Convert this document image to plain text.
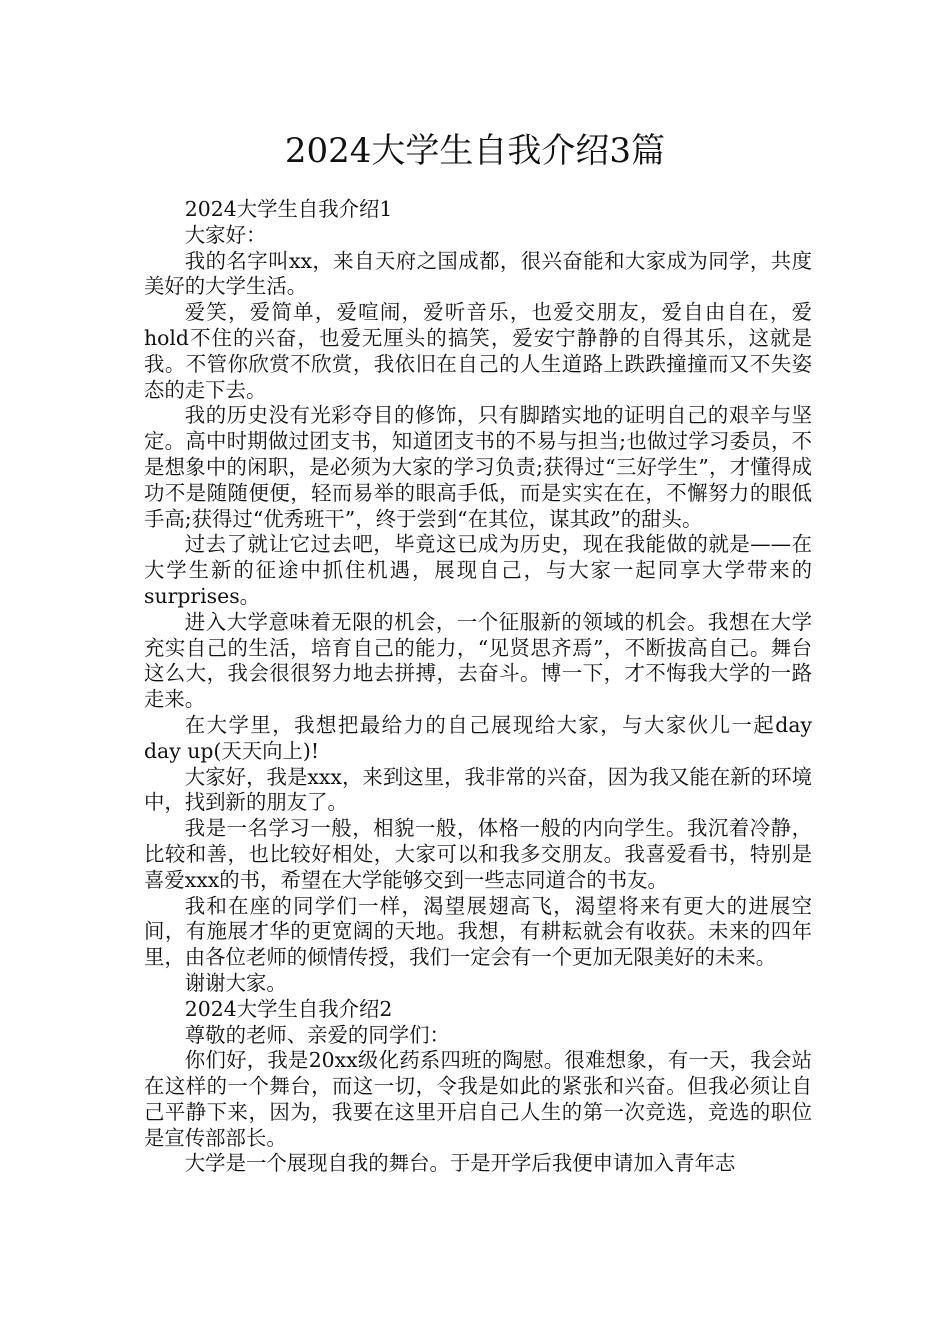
2024大学生自我介绍3篇

2024大学生自我介绍1

大家好：

我的名字叫xx，来自天府之国成都，很兴奋能和大家成为同学，共度美好的大学生活。

爱笑，爱简单，爱喧闹，爱听音乐，也爱交朋友，爱自由自在，爱hold不住的兴奋，也爱无厘头的搞笑，爱安宁静静的自得其乐，这就是我。不管你欣赏不欣赏，我依旧在自己的人生道路上跌跌撞撞而又不失姿态的走下去。

我的历史没有光彩夺目的修饰，只有脚踏实地的证明自己的艰辛与坚定。高中时期做过团支书，知道团支书的不易与担当;也做过学习委员，不是想象中的闲职，是必须为大家的学习负责;获得过“三好学生”，才懂得成功不是随随便便，轻而易举的眼高手低，而是实实在在，不懈努力的眼低手高;获得过“优秀班干”，终于尝到“在其位，谋其政”的甜头。

过去了就让它过去吧，毕竟这已成为历史，现在我能做的就是——在大学生新的征途中抓住机遇，展现自己，与大家一起同享大学带来的surprises。

进入大学意味着无限的机会，一个征服新的领域的机会。我想在大学充实自己的生活，培育自己的能力，“见贤思齐焉”，不断拔高自己。舞台这么大，我会很很努力地去拼搏，去奋斗。博一下，才不悔我大学的一路走来。

在大学里，我想把最给力的自己展现给大家，与大家伙儿一起day day up(天天向上)!

大家好，我是xxx，来到这里，我非常的兴奋，因为我又能在新的环境中，找到新的朋友了。

我是一名学习一般，相貌一般，体格一般的内向学生。我沉着冷静，比较和善，也比较好相处，大家可以和我多交朋友。我喜爱看书，特别是喜爱xxx的书，希望在大学能够交到一些志同道合的书友。

我和在座的同学们一样，渴望展翅高飞，渴望将来有更大的进展空间，有施展才华的更宽阔的天地。我想，有耕耘就会有收获。未来的四年里，由各位老师的倾情传授，我们一定会有一个更加无限美好的未来。

谢谢大家。

2024大学生自我介绍2

尊敬的老师、亲爱的同学们：

你们好，我是20xx级化药系四班的陶慰。很难想象，有一天，我会站在这样的一个舞台，而这一切，令我是如此的紧张和兴奋。但我必须让自己平静下来，因为，我要在这里开启自己人生的第一次竞选，竞选的职位是宣传部部长。

大学是一个展现自我的舞台。于是开学后我便申请加入青年志
